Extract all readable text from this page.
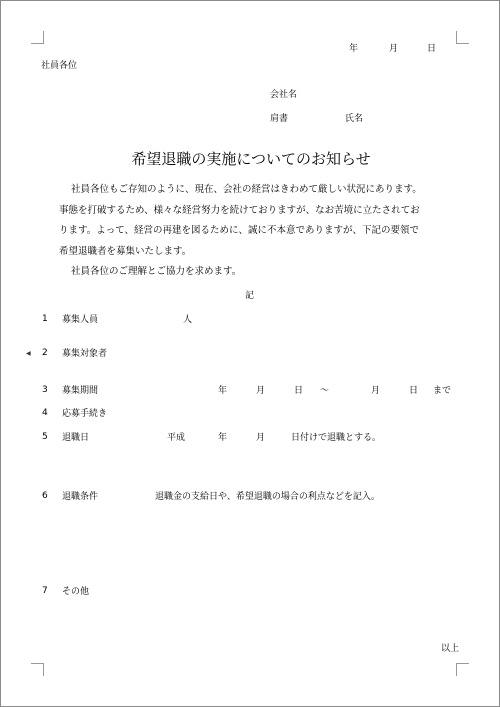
年	月	日
社員各位
会社名
肩書	氏名
希望退職の実施についてのお知らせ

社員各位もご存知のように、現在、会社の経営はきわめて厳しい状況にあります。

事態を打破するため、様々な経営努力を続けておりますが、なお苦境に立たされてお

ります。よって、経営の再建を図るために、誠に不本意でありますが、下記の要領で

希望退職者を募集いたします。

社員各位のご理解とご協力を求めます。

記
1 募集人員	人
◀ 2 募集対象者
3 募集期間	年	月	日 ～	月	日 まで
4 応募手続き
5 退職日	平成	年	月	日付けで退職とする。
6 退職条件	退職金の支給日や、希望退職の場合の利点などを記入。
7 その他
以上
